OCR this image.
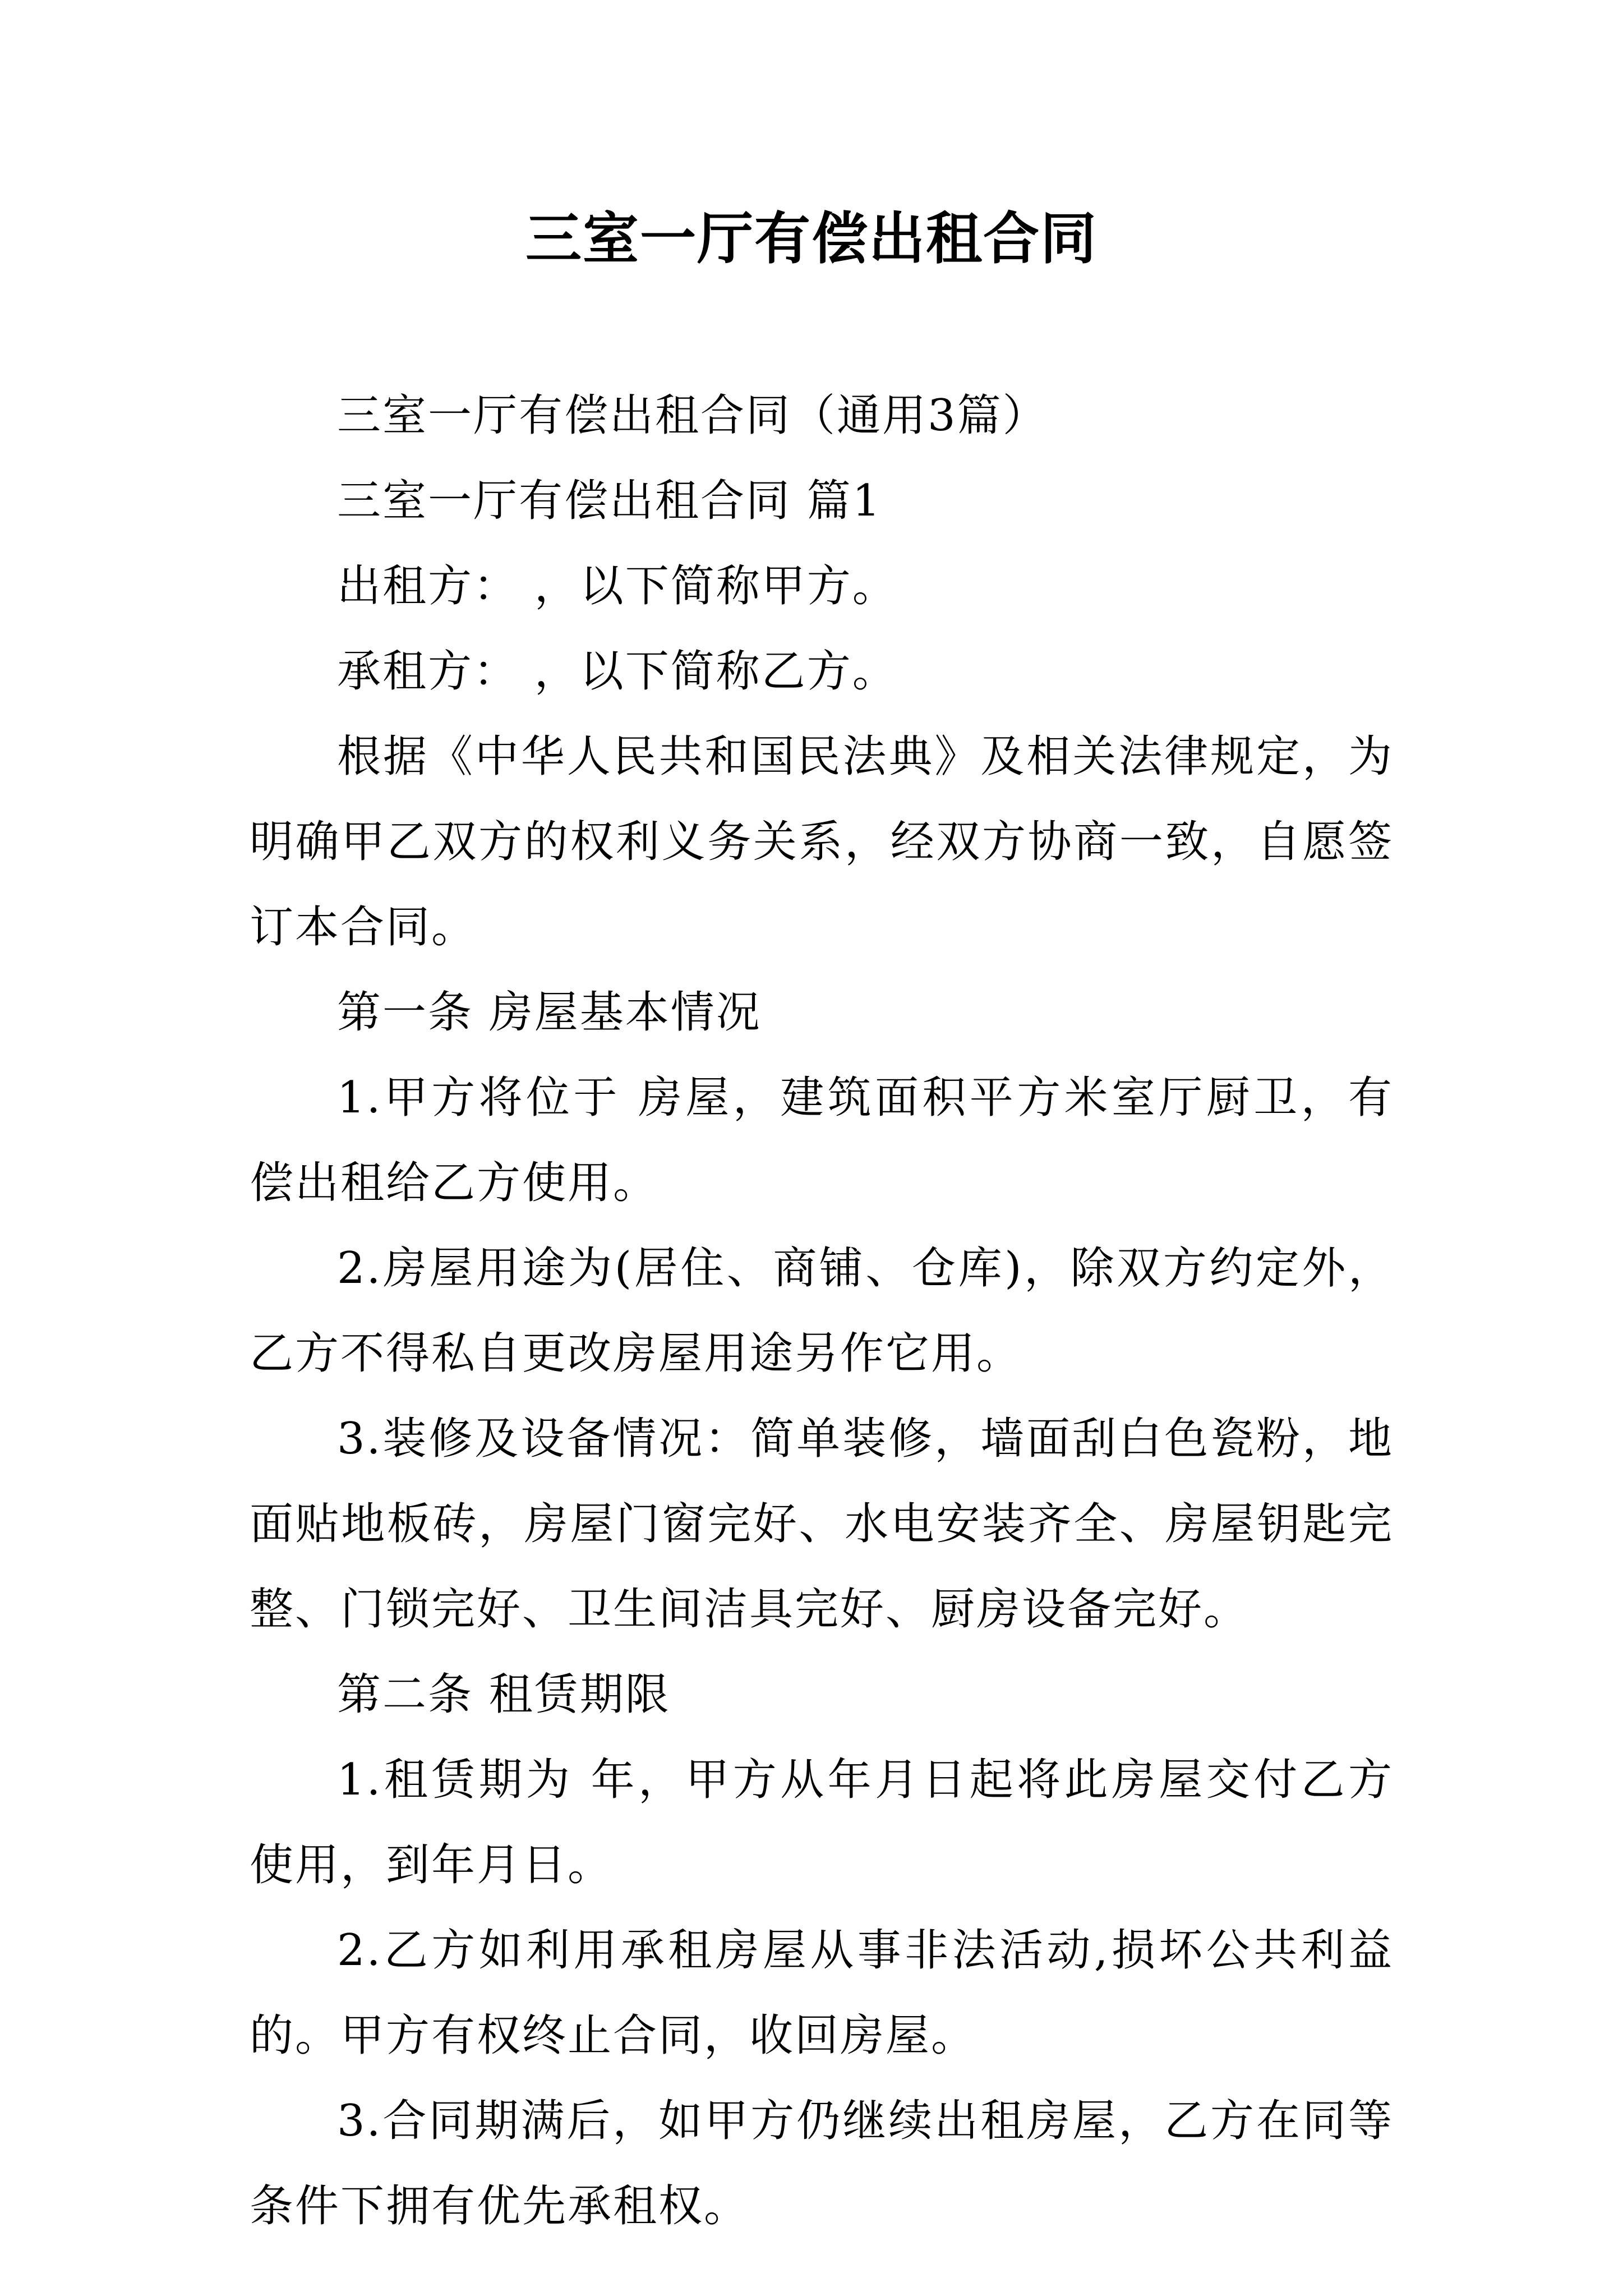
三室一厅有偿出租合同

三室一厅有偿出租合同（通用3篇）

三室一厅有偿出租合同 篇1

出租方： ，以下简称甲方。

承租方： ，以下简称乙方。

根据《中华人民共和国民法典》及相关法律规定，为明确甲乙双方的权利义务关系，经双方协商一致，自愿签订本合同。

第一条 房屋基本情况

1.甲方将位于 房屋，建筑面积平方米室厅厨卫，有偿出租给乙方使用。

2.房屋用途为(居住、商铺、仓库)，除双方约定外，乙方不得私自更改房屋用途另作它用。

3.装修及设备情况：简单装修，墙面刮白色瓷粉，地面贴地板砖，房屋门窗完好、水电安装齐全、房屋钥匙完整、门锁完好、卫生间洁具完好、厨房设备完好。

第二条 租赁期限

1.租赁期为 年，甲方从年月日起将此房屋交付乙方使用，到年月日。

2.乙方如利用承租房屋从事非法活动,损坏公共利益的。甲方有权终止合同，收回房屋。

3.合同期满后，如甲方仍继续出租房屋，乙方在同等条件下拥有优先承租权。
